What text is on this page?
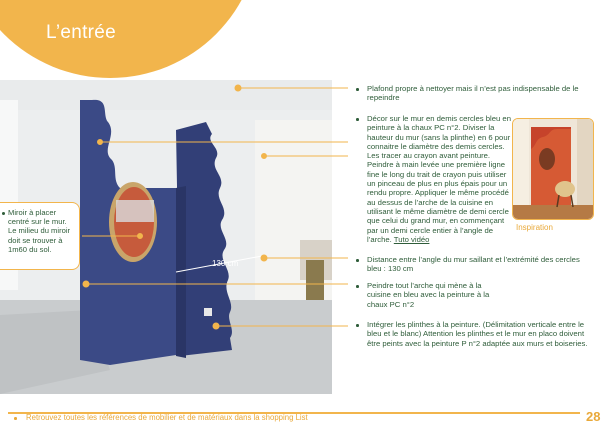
L’entrée
130 cm
Miroir à placer centré sur le mur. Le milieu du miroir doit se trouver à 1m60 du sol.
Plafond propre à nettoyer mais il n’est pas indispensable de le repeindre
Décor sur le mur en demis cercles bleu en peinture à la chaux PC n°2. Diviser la hauteur du mur (sans la plinthe) en 6 pour connaitre le diamètre des demis cercles. Les tracer au crayon avant peinture. Peindre à main levée une première ligne fine le long du trait de crayon puis utiliser un pinceau de plus en plus épais pour un rendu propre. Appliquer le même procédé au dessus de l’arche de la cuisine en utilisant le même diamètre de demi cercle que celui du grand mur, en commençant par un demi cercle entier à l’angle de l’arche. Tuto vidéo
Distance entre l’angle du mur saillant et l’extrémité des cercles bleu : 130 cm
Peindre tout l’arche qui mène à la cuisine en bleu avec la peinture à la chaux PC n°2
Intégrer les plinthes à la peinture. (Délimitation verticale entre le bleu et le blanc) Attention les plinthes et le mur en placo doivent être peints avec la peinture P n°2 adaptée aux murs et boiseries.
Inspiration
Retrouvez toutes les références de mobilier et de matériaux dans la shopping List	28
